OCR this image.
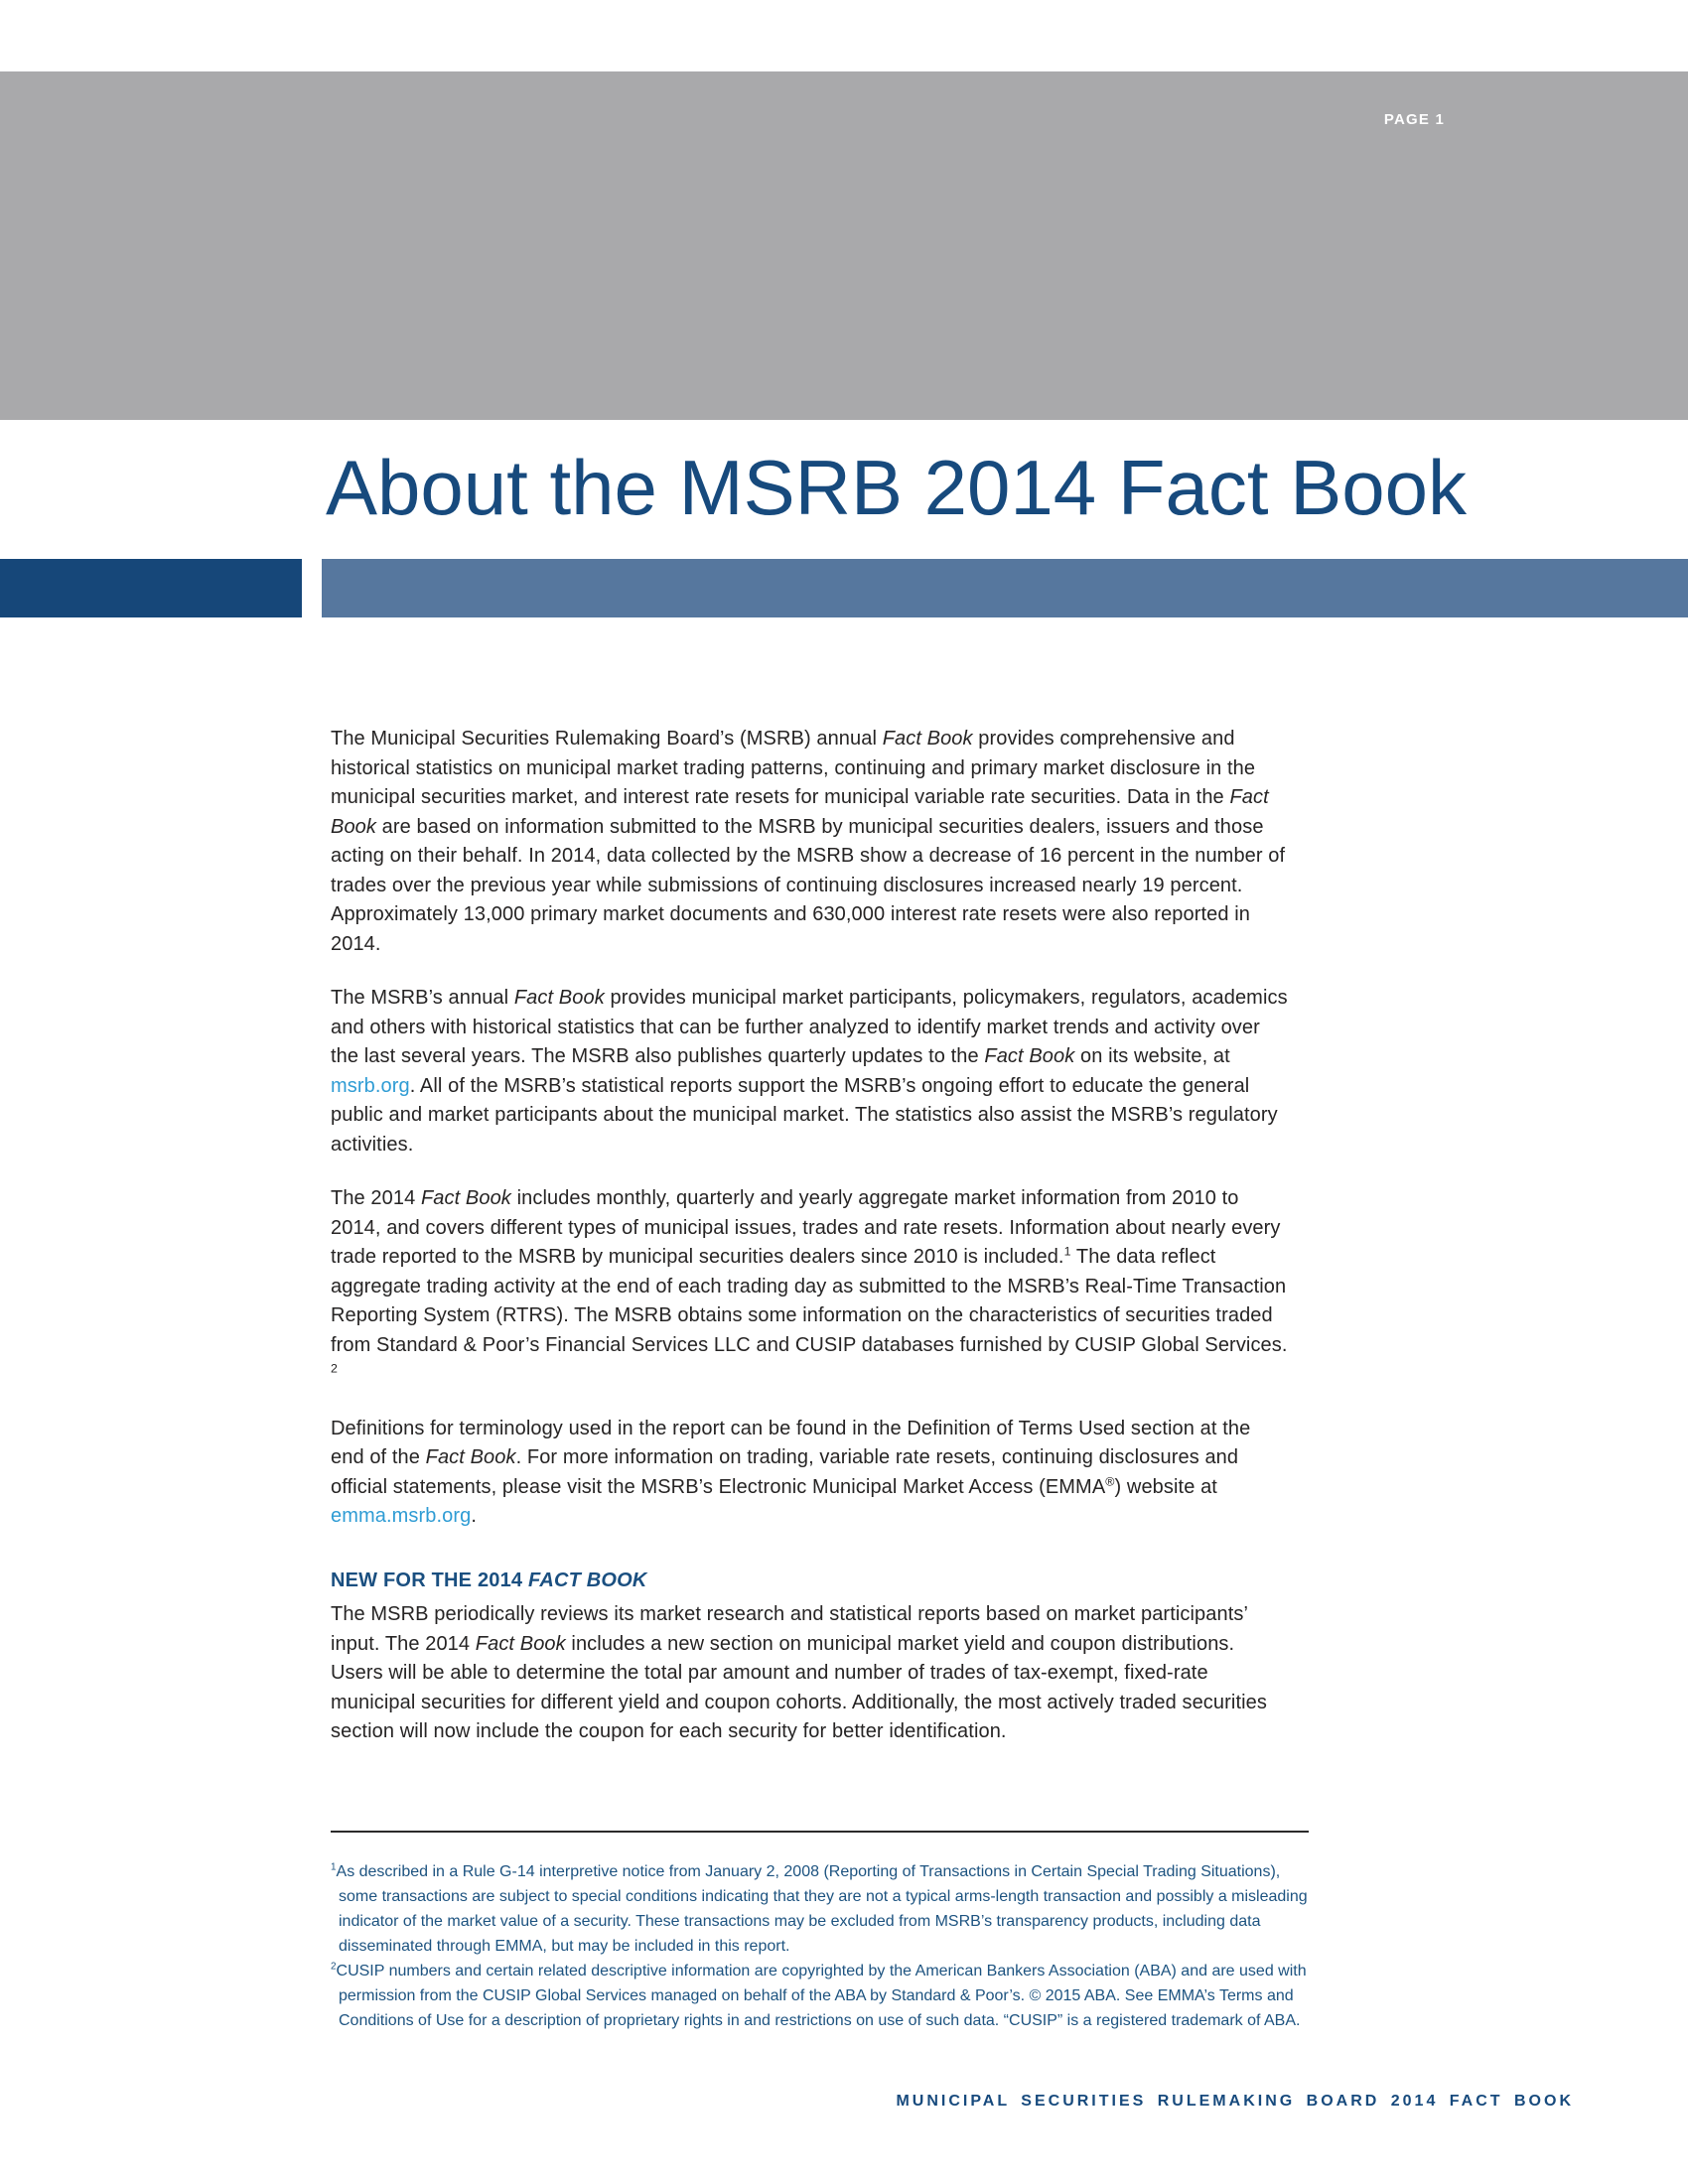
PAGE 1
About the MSRB 2014 Fact Book

The Municipal Securities Rulemaking Board’s (MSRB) annual Fact Book provides comprehensive and historical statistics on municipal market trading patterns, continuing and primary market disclosure in the municipal securities market, and interest rate resets for municipal variable rate securities. Data in the Fact Book are based on information submitted to the MSRB by municipal securities dealers, issuers and those acting on their behalf. In 2014, data collected by the MSRB show a decrease of 16 percent in the number of trades over the previous year while submissions of continuing disclosures increased nearly 19 percent. Approximately 13,000 primary market documents and 630,000 interest rate resets were also reported in 2014.

The MSRB’s annual Fact Book provides municipal market participants, policymakers, regulators, academics and others with historical statistics that can be further analyzed to identify market trends and activity over the last several years. The MSRB also publishes quarterly updates to the Fact Book on its website, at msrb.org. All of the MSRB’s statistical reports support the MSRB’s ongoing effort to educate the general public and market participants about the municipal market. The statistics also assist the MSRB’s regulatory activities.

The 2014 Fact Book includes monthly, quarterly and yearly aggregate market information from 2010 to 2014, and covers different types of municipal issues, trades and rate resets. Information about nearly every trade reported to the MSRB by municipal securities dealers since 2010 is included.$^1$ The data reflect aggregate trading activity at the end of each trading day as submitted to the MSRB’s Real-Time Transaction Reporting System (RTRS). The MSRB obtains some information on the characteristics of securities traded from Standard & Poor’s Financial Services LLC and CUSIP databases furnished by CUSIP Global Services. $^2$

Definitions for terminology used in the report can be found in the Definition of Terms Used section at the end of the Fact Book. For more information on trading, variable rate resets, continuing disclosures and official statements, please visit the MSRB’s Electronic Municipal Market Access (EMMA®) website at emma.msrb.org.

NEW FOR THE 2014 FACT BOOK

The MSRB periodically reviews its market research and statistical reports based on market participants’ input. The 2014 Fact Book includes a new section on municipal market yield and coupon distributions. Users will be able to determine the total par amount and number of trades of tax-exempt, fixed-rate municipal securities for different yield and coupon cohorts. Additionally, the most actively traded securities section will now include the coupon for each security for better identification.

$^1$As described in a Rule G-14 interpretive notice from January 2, 2008 (Reporting of Transactions in Certain Special Trading Situations), some transactions are subject to special conditions indicating that they are not a typical arms-length transaction and possibly a misleading indicator of the market value of a security. These transactions may be excluded from MSRB’s transparency products, including data disseminated through EMMA, but may be included in this report.

$^2$CUSIP numbers and certain related descriptive information are copyrighted by the American Bankers Association (ABA) and are used with permission from the CUSIP Global Services managed on behalf of the ABA by Standard & Poor’s. © 2015 ABA. See EMMA’s Terms and Conditions of Use for a description of proprietary rights in and restrictions on use of such data. “CUSIP” is a registered trademark of ABA.

MUNICIPAL SECURITIES RULEMAKING BOARD 2014 FACT BOOK
